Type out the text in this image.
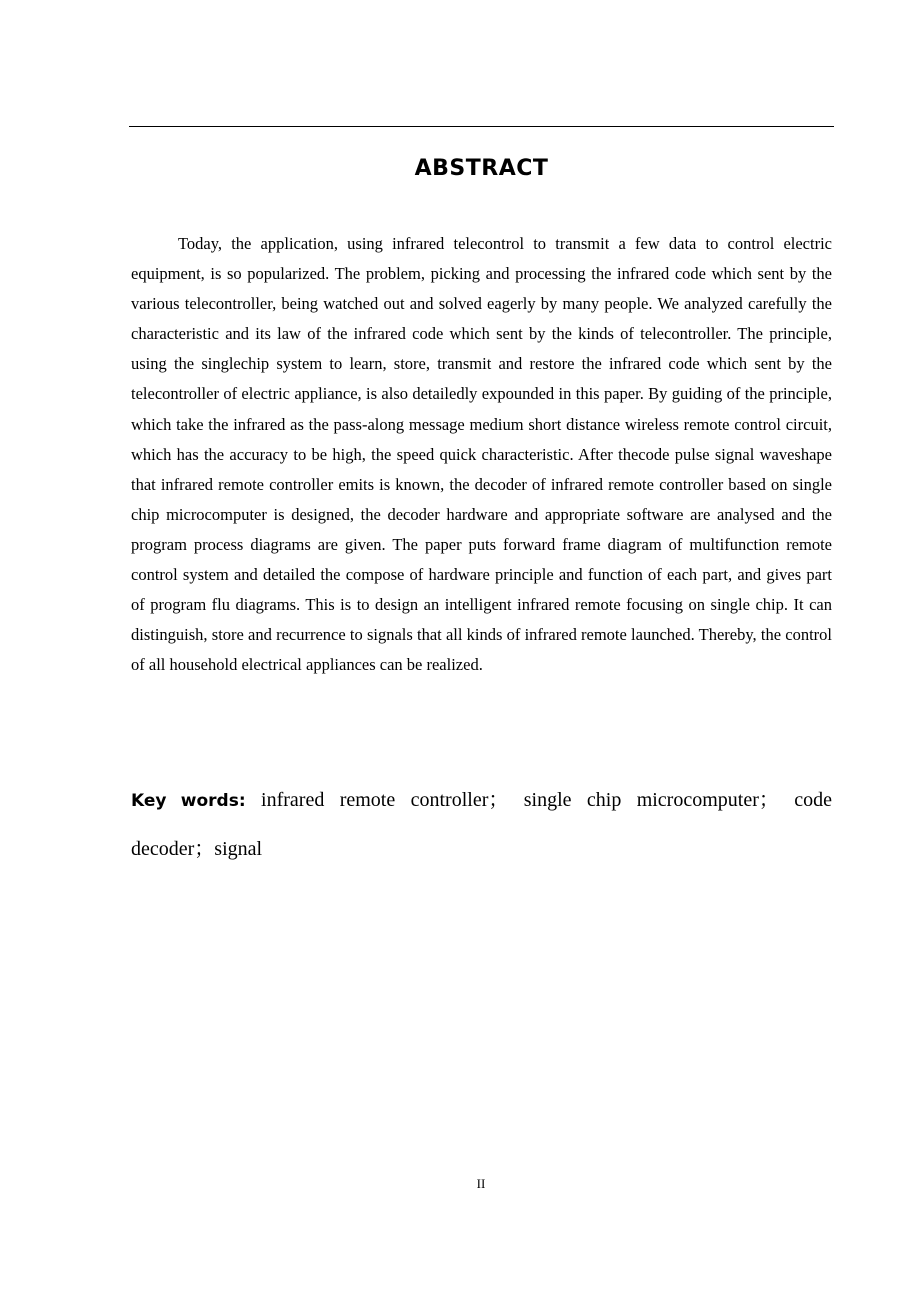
ABSTRACT

Today, the application, using infrared telecontrol to transmit a few data to control electric equipment, is so popularized. The problem, picking and processing the infrared code which sent by the various telecontroller, being watched out and solved eagerly by many people. We analyzed carefully the characteristic and its law of the infrared code which sent by the kinds of telecontroller. The principle, using the singlechip system to learn, store, transmit and restore the infrared code which sent by the telecontroller of electric appliance, is also detailedly expounded in this paper. By guiding of the principle, which take the infrared as the pass-along message medium short distance wireless remote control circuit, which has the accuracy to be high, the speed quick characteristic. After thecode pulse signal waveshape that infrared remote controller emits is known, the decoder of infrared remote controller based on single chip microcomputer is designed, the decoder hardware and appropriate software are analysed and the program process diagrams are given. The paper puts forward frame diagram of multifunction remote control system and detailed the compose of hardware principle and function of each part, and gives part of program flu diagrams. This is to design an intelligent infrared remote focusing on single chip. It can distinguish, store and recurrence to signals that all kinds of infrared remote launched. Thereby, the control of all household electrical appliances can be realized.

Key words: infrared remote controller； single chip microcomputer； code decoder；signal

II
